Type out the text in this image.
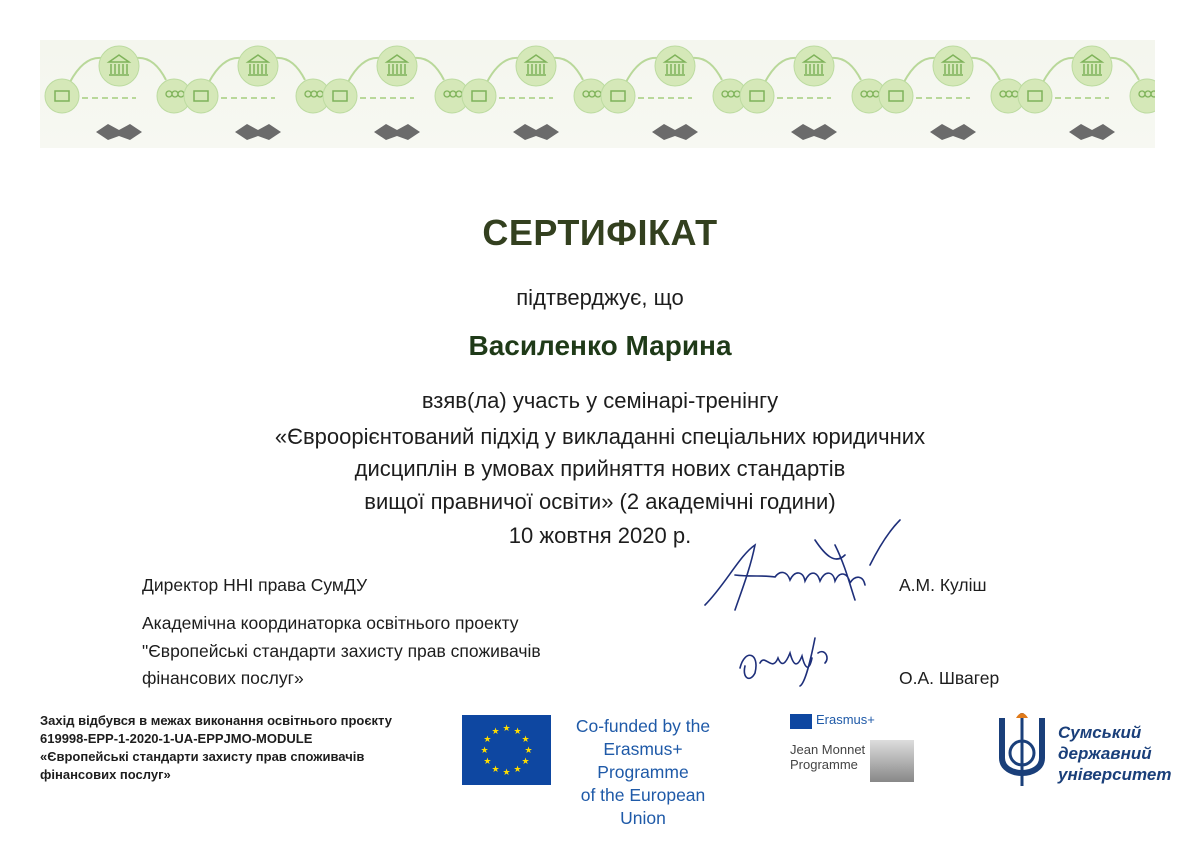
СЕРТИФІКАТ
підтверджує, що
Василенко Марина
взяв(ла) участь у семінарі-тренінгу
«Євроорієнтований підхід у викладанні спеціальних юридичних
дисциплін в умовах прийняття нових стандартів
вищої правничої освіти» (2 академічні години)
10 жовтня 2020 р.
Директор ННІ права СумДУ	А.М. Куліш
Академічна координаторка освітнього проекту
"Європейські стандарти захисту прав споживачів
фінансових послуг»	О.А. Швагер
Захід відбувся в межах виконання освітнього проєкту
619998-EPP-1-2020-1-UA-EPPJMO-MODULE
«Європейські стандарти захисту прав споживачів
фінансових послуг»
★
★
★
★
★
★
★
★
★ ★ ★
★
Co-funded by the
Erasmus+ Programme
of the European Union
Erasmus+
Jean Monnet
Programme
Сумський
державний
університет
